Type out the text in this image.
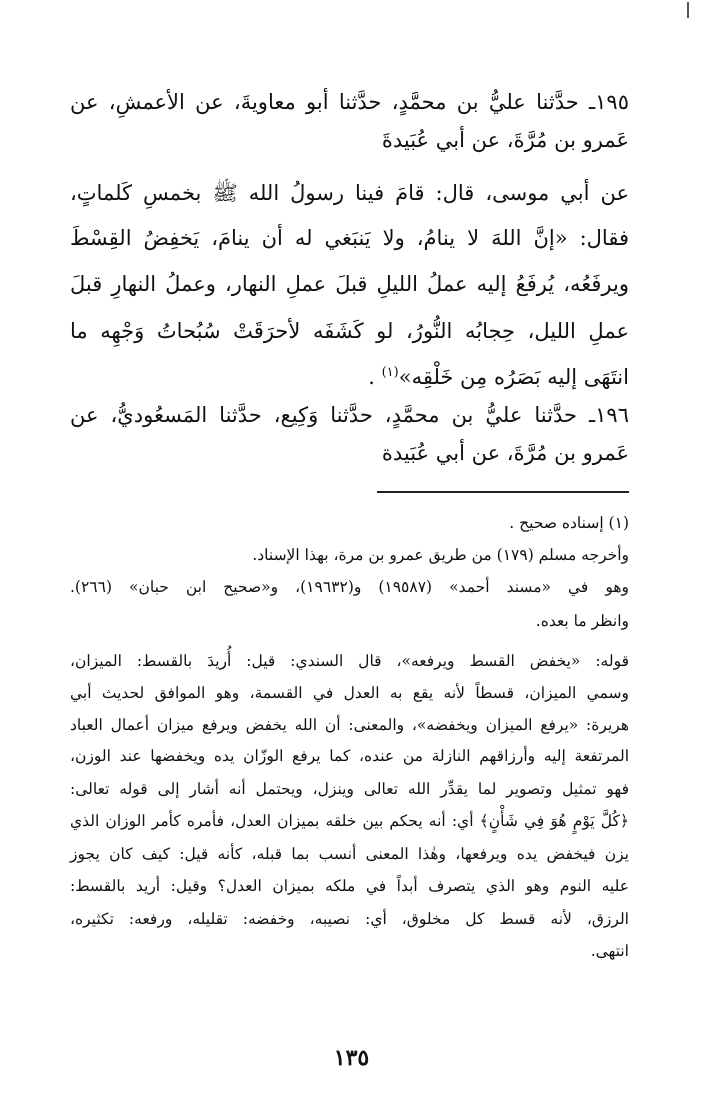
١٩٥ـ حدَّثنا عليُّ بن محمَّدٍ، حدَّثنا أبو معاويةَ، عن الأعمشِ، عن
عَمرو بن مُرَّةَ، عن أبي عُبَيدةَ
عن أبي موسى، قال: قامَ فينا رسولُ الله ﷺ بخمسِ كَلماتٍ،
فقال: «إنَّ اللهَ لا ينامُ، ولا يَنبَغي له أن ينامَ، يَخفِضُ القِسْطَ
ويرفَعُه، يُرفَعُ إليه عملُ الليلِ قبلَ عملِ النهار، وعملُ النهارِ قبلَ
عملِ الليل، حِجابُه النُّورُ، لو كَشَفَه لأحرَقَتْ سُبُحاتُ وَجْهِه ما
انتَهَى إليه بَصَرُه مِن خَلْقِه»$^{(١)}$ .
١٩٦ـ حدَّثنا عليُّ بن محمَّدٍ، حدَّثنا وَكِيع، حدَّثنا المَسعُوديُّ، عن
عَمرو بن مُرَّةَ، عن أبي عُبَيدة
(١) إسناده صحيح .
وأخرجه مسلم (١٧٩) من طريق عمرو بن مرة، بهذا الإسناد.
وهو في «مسند أحمد» (١٩٥٨٧) و(١٩٦٣٢)، و«صحيح ابن حبان» (٢٦٦).
وانظر ما بعده.
قوله: «يخفض القسط ويرفعه»، قال السندي: قيل: أُريدَ بالقسط: الميزان،
وسمي الميزان، قسطاً لأنه يقع به العدل في القسمة، وهو الموافق لحديث أبي
هريرة: «يرفع الميزان ويخفضه»، والمعنى: أن الله يخفض ويرفع ميزان أعمال العباد
المرتفعة إليه وأرزاقهم النازلة من عنده، كما يرفع الوزّان يده ويخفضها عند الوزن،
فهو تمثيل وتصوير لما يقدِّر الله تعالى وينزل، ويحتمل أنه أشار إلى قوله تعالى:
﴿كُلَّ يَوْمٍ هُوَ فِي شَأْنٍ﴾ أي: أنه يحكم بين خلقه بميزان العدل، فأمره كأمر الوزان الذي
يزن فيخفض يده ويرفعها، وهٰذا المعنى أنسب بما قبله، كأنه قيل: كيف كان يجوز
عليه النوم وهو الذي يتصرف أبداً في ملكه بميزان العدل؟ وقيل: أريد بالقسط:
الرزق، لأنه قسط كل مخلوق، أي: نصيبه، وخفضه: تقليله، ورفعه: تكثيره،
انتهى.
١٣٥
